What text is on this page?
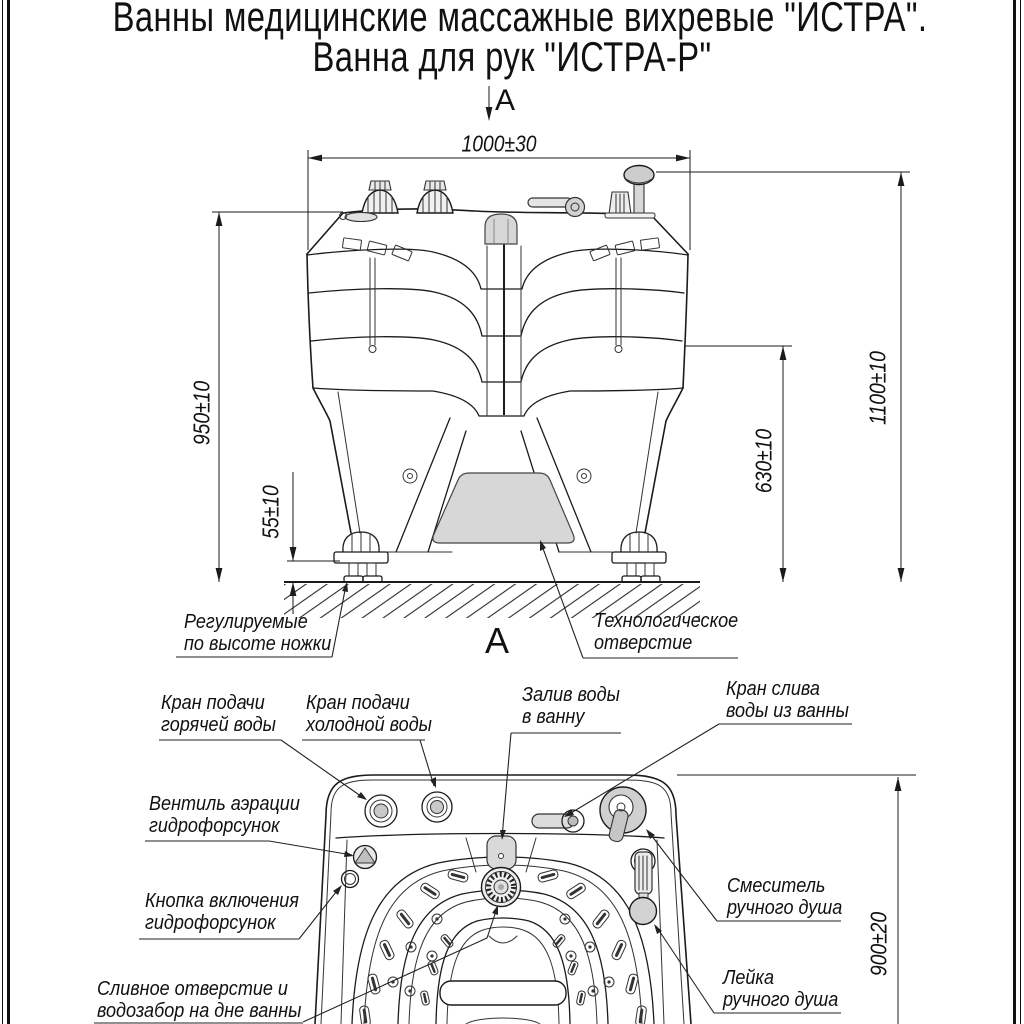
Ванны медицинские массажные вихревые "ИСТРА".
Ванна для рук "ИСТРА-Р"
А
А
1000±30
950±10
55±10
630±10
1100±10
900±20
Регулируемые
по высоте ножки
Технологическое
отверстие
Кран подачи
горячей воды
Кран подачи
холодной воды
Залив воды
в ванну
Кран слива
воды из ванны
Вентиль аэрации
гидрофорсунок
Кнопка включения
гидрофорсунок
Сливное отверстие и
водозабор на дне ванны
Смеситель
ручного душа
Лейка
ручного душа
